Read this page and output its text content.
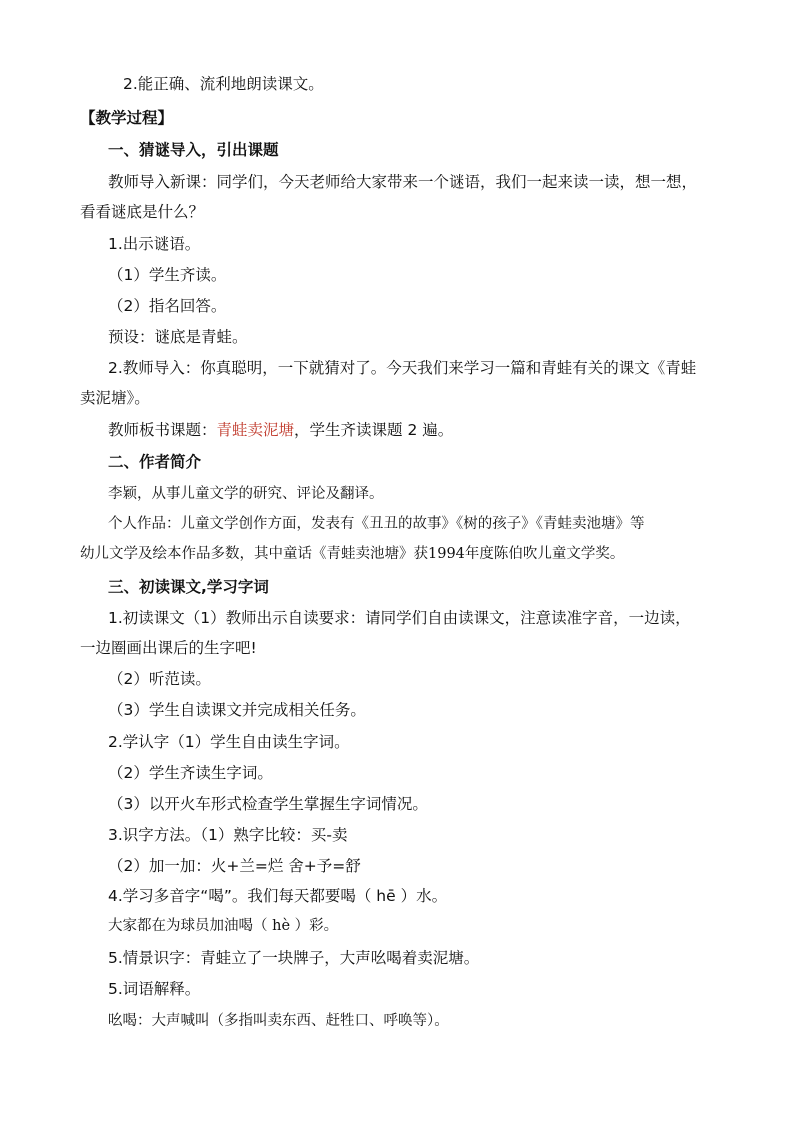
2.能正确、流利地朗读课文。
【教学过程】
一、猜谜导入，引出课题
教师导入新课：同学们，今天老师给大家带来一个谜语，我们一起来读一读，想一想，
看看谜底是什么？
1.出示谜语。
（1）学生齐读。
（2）指名回答。
预设：谜底是青蛙。
2.教师导入：你真聪明，一下就猜对了。今天我们来学习一篇和青蛙有关的课文《青蛙
卖泥塘》。
教师板书课题：青蛙卖泥塘，学生齐读课题 2 遍。
二、作者简介
李颖，从事儿童文学的研究、评论及翻译。
个人作品：儿童文学创作方面，发表有《丑丑的故事》《树的孩子》《青蛙卖池塘》等
幼儿文学及绘本作品多数，其中童话《青蛙卖池塘》获1994年度陈伯吹儿童文学奖。
三、初读课文,学习字词
1.初读课文（1）教师出示自读要求：请同学们自由读课文，注意读准字音，一边读，
一边圈画出课后的生字吧!
（2）听范读。
（3）学生自读课文并完成相关任务。
2.学认字（1）学生自由读生字词。
（2）学生齐读生字词。
（3）以开火车形式检查学生掌握生字词情况。
3.识字方法。（1）熟字比较：买-卖
（2）加一加：火+兰=烂 舍+予=舒
4.学习多音字“喝”。我们每天都要喝（ hē ）水。
大家都在为球员加油喝（ hè ）彩。
5.情景识字：青蛙立了一块牌子，大声吆喝着卖泥塘。
5.词语解释。
吆喝：大声喊叫（多指叫卖东西、赶牲口、呼唤等）。
